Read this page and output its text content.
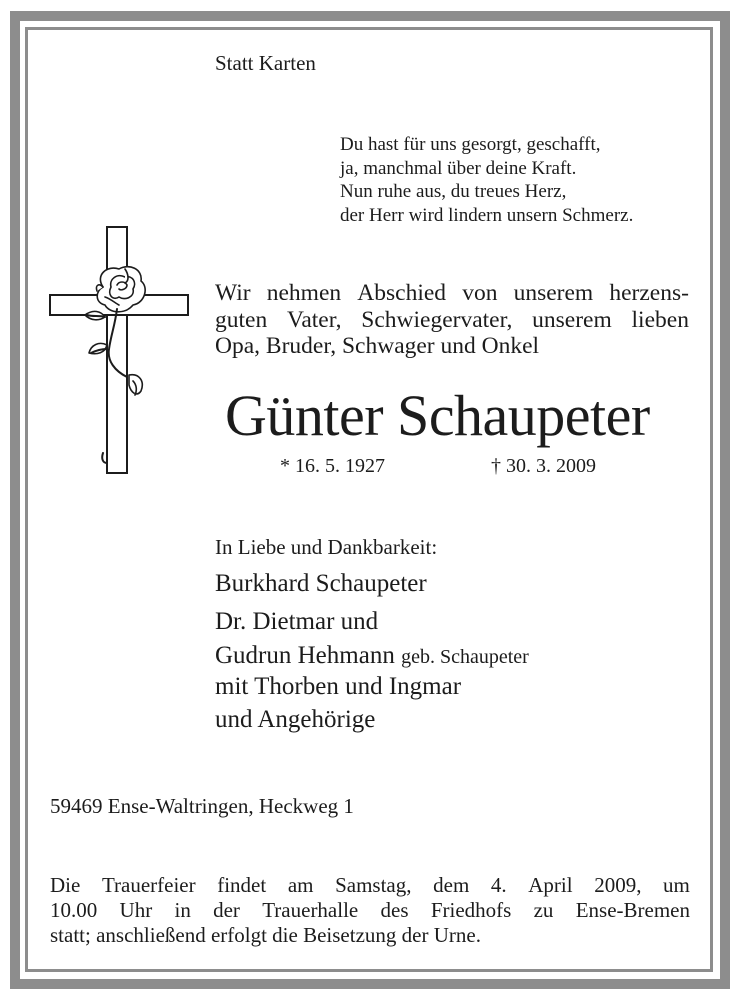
Statt Karten

Du hast für uns gesorgt, geschafft,
ja, manchmal über deine Kraft.
Nun ruhe aus, du treues Herz,
der Herr wird lindern unsern Schmerz.
Wir nehmen Abschied von unserem herzens-
guten Vater, Schwiegervater, unserem lieben
Opa, Bruder, Schwager und Onkel

Günter Schaupeter

* 16. 5. 1927	† 30. 3. 2009

In Liebe und Dankbarkeit:

Burkhard Schaupeter

Dr. Dietmar und

Gudrun Hehmann geb. Schaupeter

mit Thorben und Ingmar

und Angehörige

59469 Ense-Waltringen, Heckweg 1

Die Trauerfeier findet am Samstag, dem 4. April 2009, um
10.00 Uhr in der Trauerhalle des Friedhofs zu Ense-Bremen
statt; anschließend erfolgt die Beisetzung der Urne.
